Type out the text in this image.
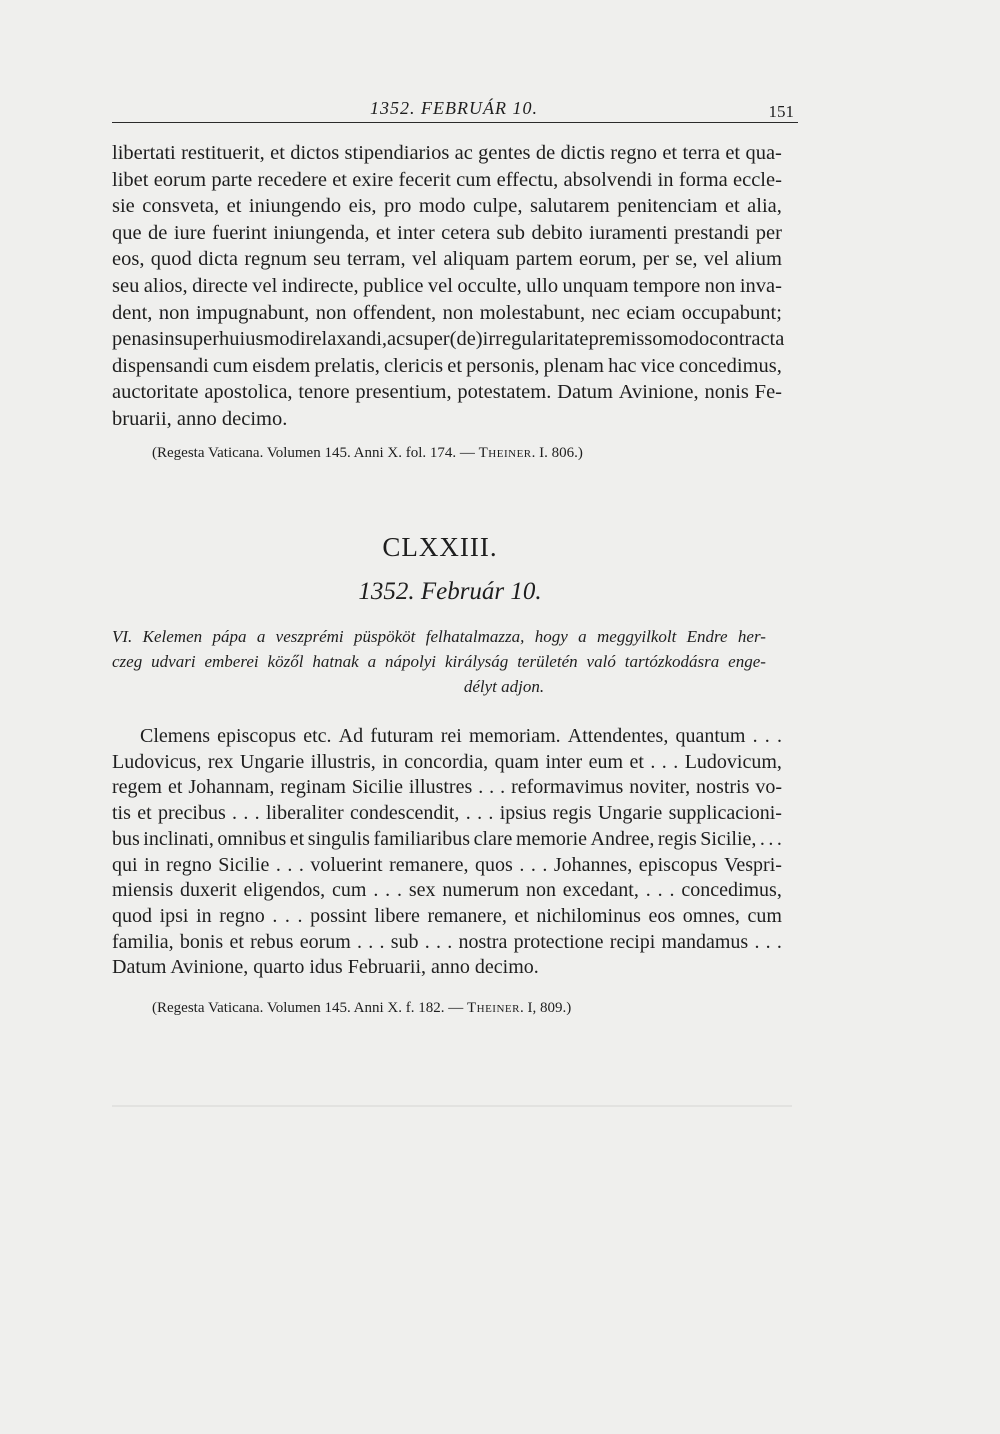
1352. FEBRUÁR 10.	151
libertati restituerit, et dictos stipendiarios ac gentes de dictis regno et terra et qua-
libet eorum parte recedere et exire fecerit cum effectu, absolvendi in forma eccle-
sie consveta, et iniungendo eis, pro modo culpe, salutarem penitenciam et alia,
que de iure fuerint iniungenda, et inter cetera sub debito iuramenti prestandi per
eos, quod dicta regnum seu terram, vel aliquam partem eorum, per se, vel alium
seu alios, directe vel indirecte, publice vel occulte, ullo unquam tempore non inva-
dent, non impugnabunt, non offendent, non molestabunt, nec eciam occupabunt;
penas insuper huiusmodi relaxandi, ac super (de) irregularitate premisso modo contracta
dispensandi cum eisdem prelatis, clericis et personis, plenam hac vice concedimus,
auctoritate apostolica, tenore presentium, potestatem. Datum Avinione, nonis Fe-
bruarii, anno decimo.
(Regesta Vaticana. Volumen 145. Anni X. fol. 174. — Theiner. I. 806.)
CLXXIII.
1352. Február 10.
VI. Kelemen pápa a veszprémi püspököt felhatalmazza, hogy a meggyilkolt Endre her-
czeg udvari emberei közől hatnak a nápolyi királyság területén való tartózkodásra enge-
délyt adjon.
Clemens episcopus etc. Ad futuram rei memoriam. Attendentes, quantum . . .
Ludovicus, rex Ungarie illustris, in concordia, quam inter eum et . . . Ludovicum,
regem et Johannam, reginam Sicilie illustres . . . reformavimus noviter, nostris vo-
tis et precibus . . . liberaliter condescendit, . . . ipsius regis Ungarie supplicacioni-
bus inclinati, omnibus et singulis familiaribus clare memorie Andree, regis Sicilie, . . .
qui in regno Sicilie . . . voluerint remanere, quos . . . Johannes, episcopus Vespri-
miensis duxerit eligendos, cum . . . sex numerum non excedant, . . . concedimus,
quod ipsi in regno . . . possint libere remanere, et nichilominus eos omnes, cum
familia, bonis et rebus eorum . . . sub . . . nostra protectione recipi mandamus . . .
Datum Avinione, quarto idus Februarii, anno decimo.
(Regesta Vaticana. Volumen 145. Anni X. f. 182. — Theiner. I, 809.)
